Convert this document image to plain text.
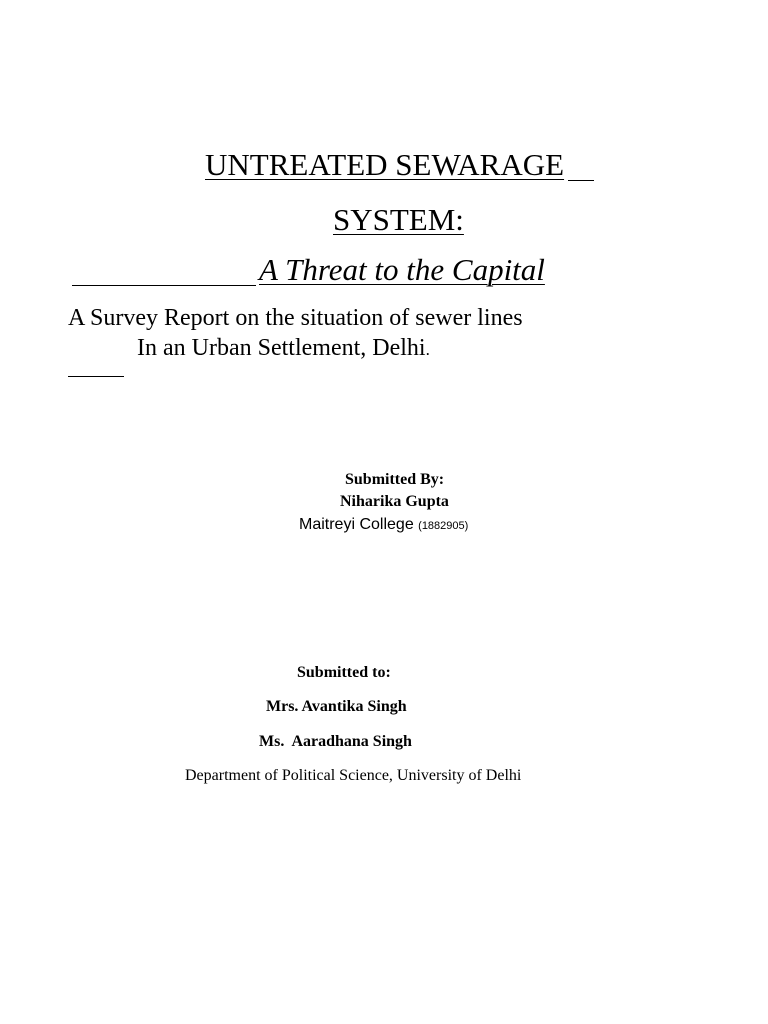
UNTREATED SEWARAGE
SYSTEM:
A Threat to the Capital
A Survey Report on the situation of sewer lines
In an Urban Settlement, Delhi.
Submitted By:
Niharika Gupta
Maitreyi College (1882905)
Submitted to:
Mrs. Avantika Singh
Ms.  Aaradhana Singh
Department of Political Science, University of Delhi
